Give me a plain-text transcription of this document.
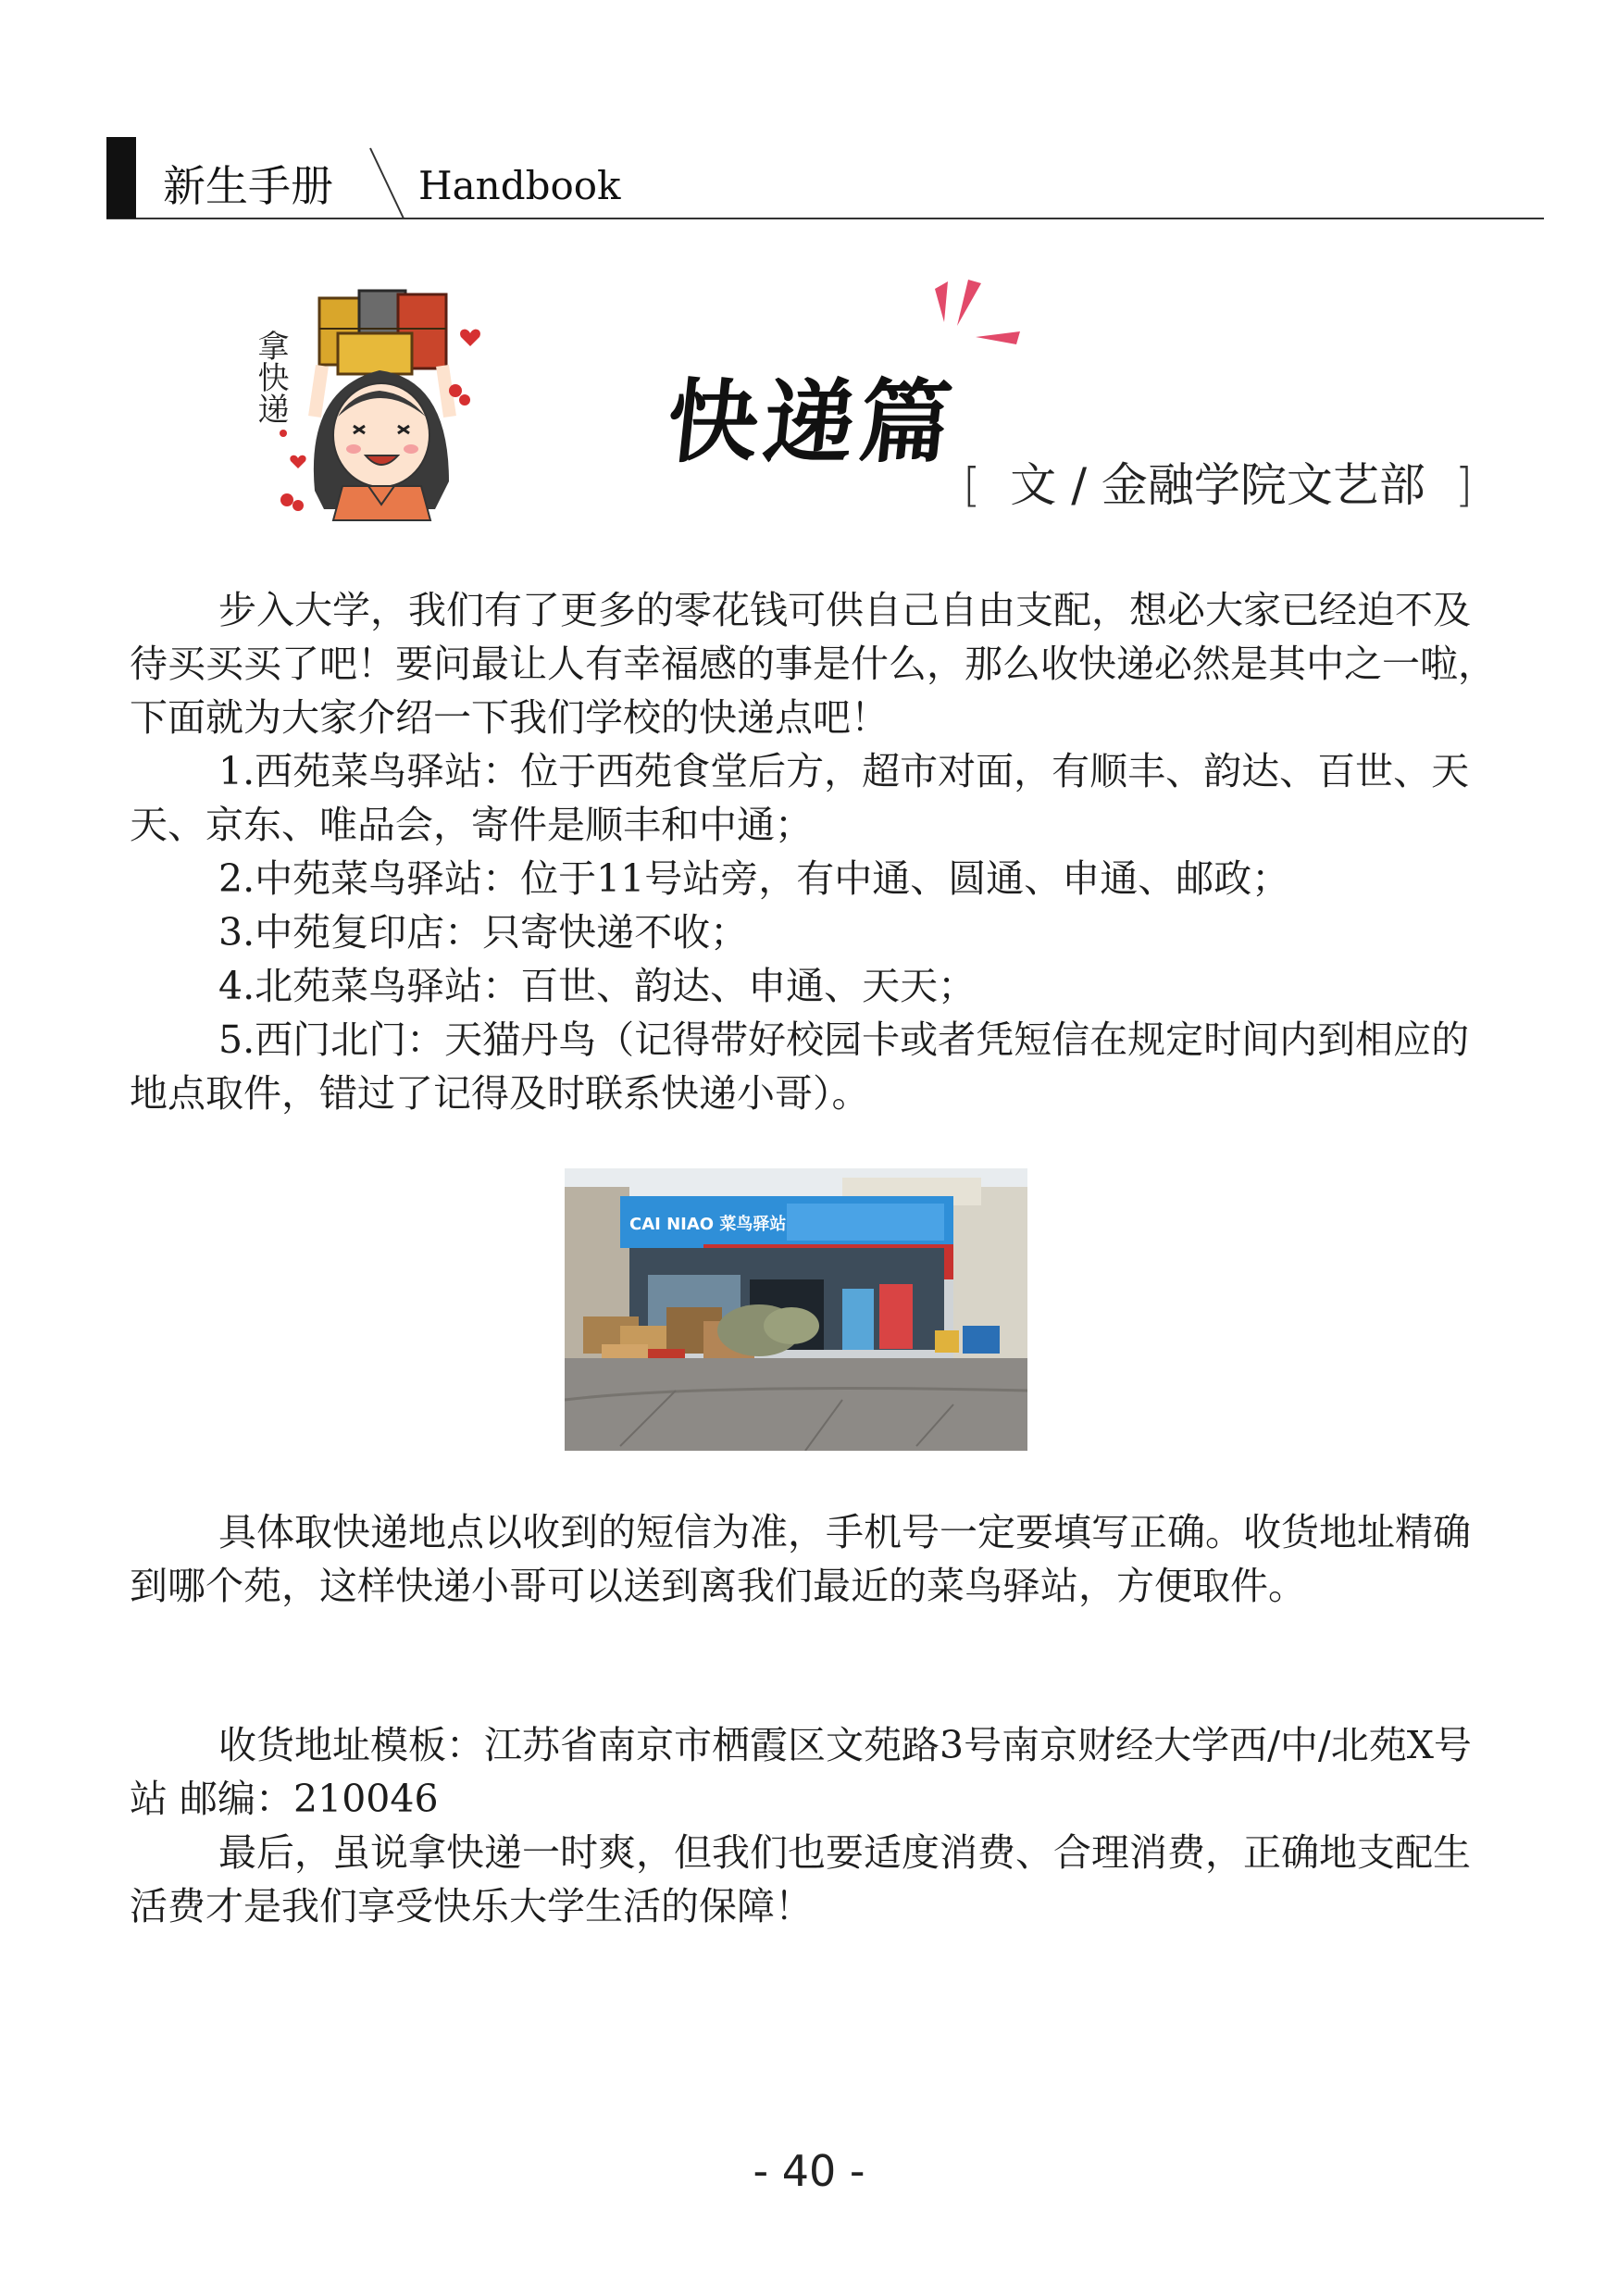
新生手册 Handbook
拿快递	快递篇
[  文 / 金融学院文艺部  ]

步入大学，我们有了更多的零花钱可供自己自由支配，想必大家已经迫不及待买买买了吧！要问最让人有幸福感的事是什么，那么收快递必然是其中之一啦，下面就为大家介绍一下我们学校的快递点吧！

1.西苑菜鸟驿站：位于西苑食堂后方，超市对面，有顺丰、韵达、百世、天天、京东、唯品会，寄件是顺丰和中通；

2.中苑菜鸟驿站：位于11号站旁，有中通、圆通、申通、邮政；

3.中苑复印店：只寄快递不收；

4.北苑菜鸟驿站：百世、韵达、申通、天天；

5.西门北门：天猫丹鸟（记得带好校园卡或者凭短信在规定时间内到相应的地点取件，错过了记得及时联系快递小哥）。

CAI NIAO 菜鸟驿站

具体取快递地点以收到的短信为准，手机号一定要填写正确。收货地址精确到哪个苑，这样快递小哥可以送到离我们最近的菜鸟驿站，方便取件。

收货地址模板：江苏省南京市栖霞区文苑路3号南京财经大学西/中/北苑X号站 邮编：210046

最后，虽说拿快递一时爽，但我们也要适度消费、合理消费，正确地支配生活费才是我们享受快乐大学生活的保障！

- 40 -
